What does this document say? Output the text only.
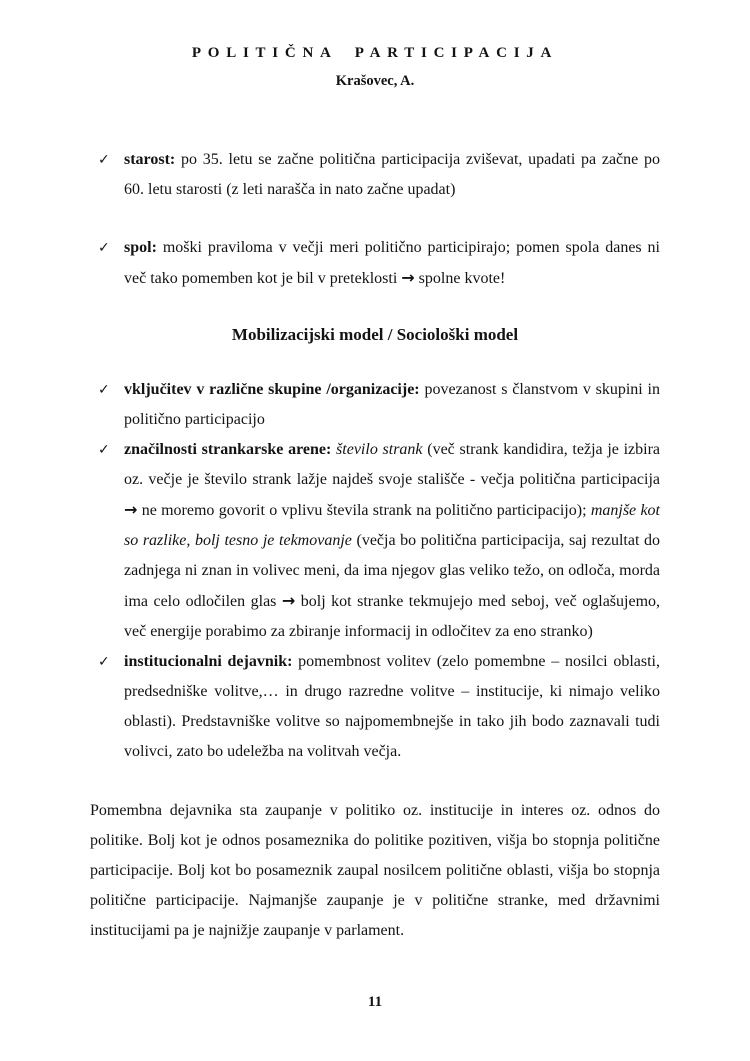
POLITIČNA PARTICIPACIJA
Krašovec, A.
✓ starost: po 35. letu se začne politična participacija zviševat, upadati pa začne po 60. letu starosti (z leti narašča in nato začne upadat)
✓ spol: moški praviloma v večji meri politično participirajo; pomen spola danes ni več tako pomemben kot je bil v preteklosti → spolne kvote!
Mobilizacijski model / Sociološki model
✓ vključitev v različne skupine /organizacije: povezanost s članstvom v skupini in politično participacijo
✓ značilnosti strankarske arene: število strank (več strank kandidira, težja je izbira oz. večje je število strank lažje najdeš svoje stališče - večja politična participacija → ne moremo govorit o vplivu števila strank na politično participacijo); manjše kot so razlike, bolj tesno je tekmovanje (večja bo politična participacija, saj rezultat do zadnjega ni znan in volivec meni, da ima njegov glas veliko težo, on odloča, morda ima celo odločilen glas → bolj kot stranke tekmujejo med seboj, več oglašujemo, več energije porabimo za zbiranje informacij in odločitev za eno stranko)
✓ institucionalni dejavnik: pomembnost volitev (zelo pomembne – nosilci oblasti, predsedniške volitve,… in drugo razredne volitve – institucije, ki nimajo veliko oblasti). Predstavniške volitve so najpomembnejše in tako jih bodo zaznavali tudi volivci, zato bo udeležba na volitvah večja.
Pomembna dejavnika sta zaupanje v politiko oz. institucije in interes oz. odnos do politike. Bolj kot je odnos posameznika do politike pozitiven, višja bo stopnja politične participacije. Bolj kot bo posameznik zaupal nosilcem politične oblasti, višja bo stopnja politične participacije. Najmanjše zaupanje je v politične stranke, med državnimi institucijami pa je najnižje zaupanje v parlament.
11
